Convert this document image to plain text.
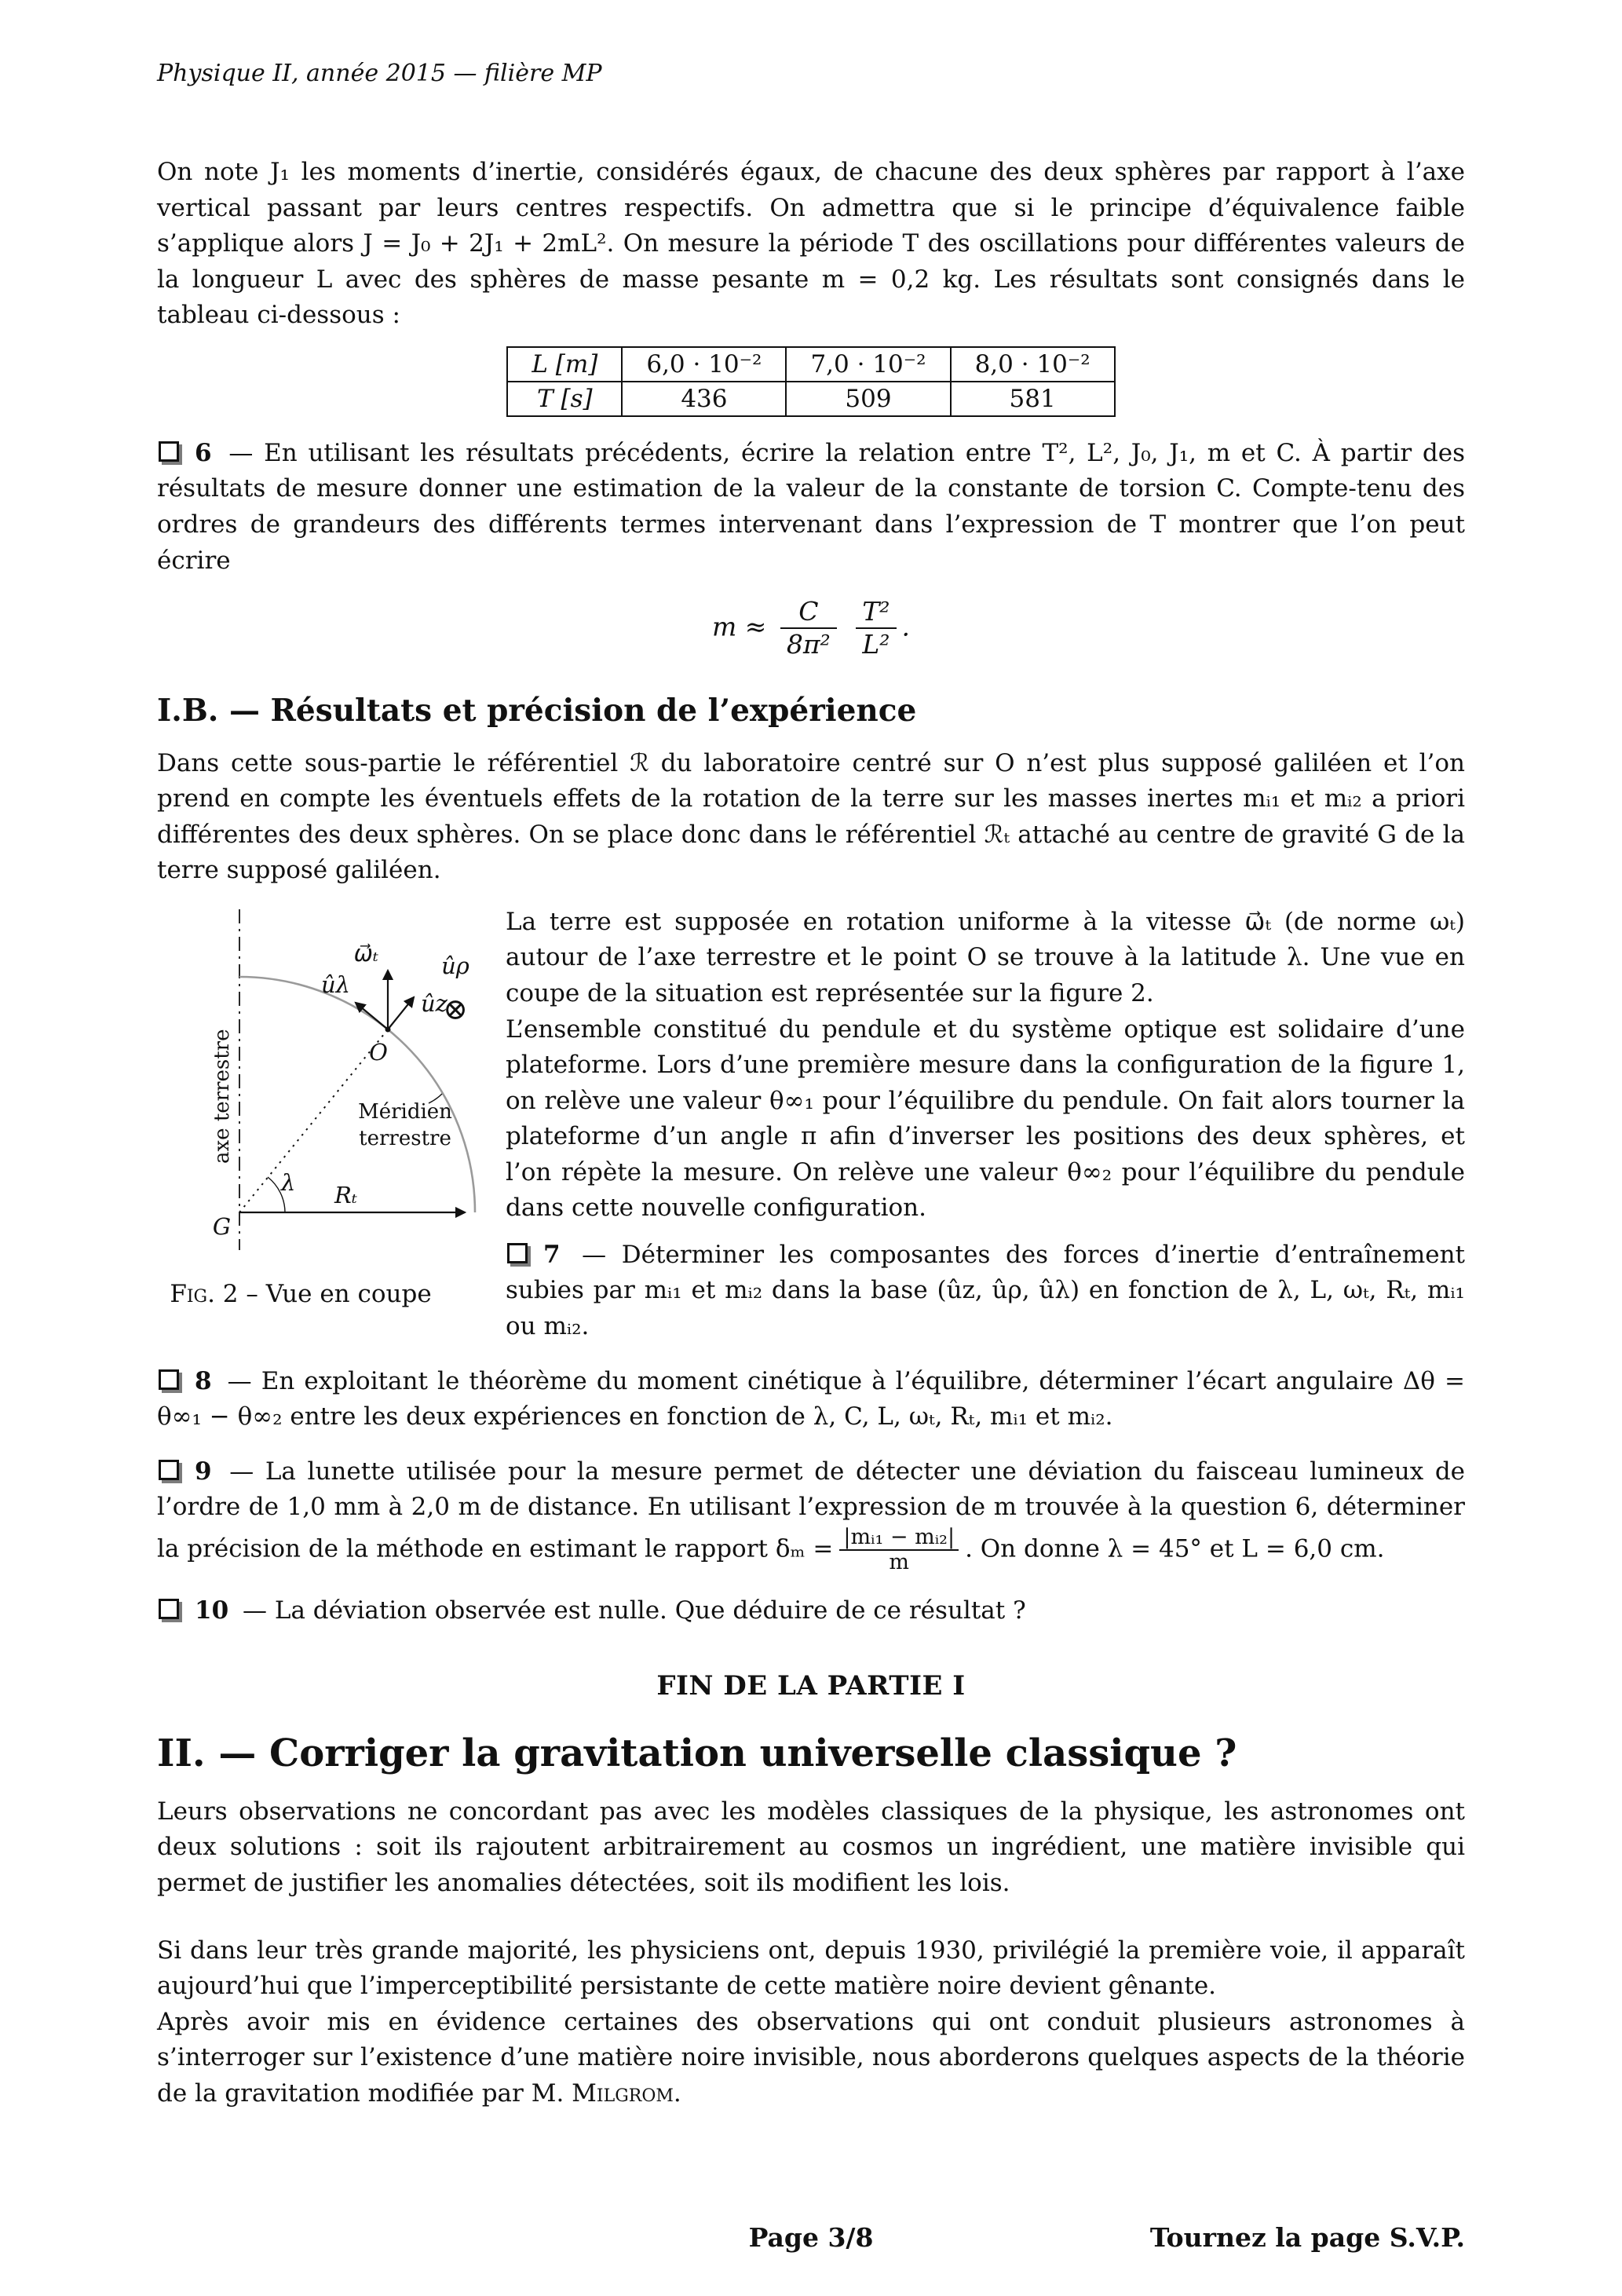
Physique II, année 2015 — filière MP

On note J₁ les moments d’inertie, considérés égaux, de chacune des deux sphères par rapport à l’axe vertical passant par leurs centres respectifs. On admettra que si le principe d’équivalence faible s’applique alors J = J₀ + 2J₁ + 2mL². On mesure la période T des oscillations pour différentes valeurs de la longueur L avec des sphères de masse pesante m = 0,2 kg. Les résultats sont consignés dans le tableau ci-dessous :

L [m]	6,0 · 10⁻²	7,0 · 10⁻²	8,0 · 10⁻²
T [s]	436	509	581

6 — En utilisant les résultats précédents, écrire la relation entre T², L², J₀, J₁, m et C. À partir des résultats de mesure donner une estimation de la valeur de la constante de torsion C. Compte-tenu des ordres de grandeurs des différents termes intervenant dans l’expression de T montrer que l’on peut écrire

$m \approx \frac{C}{\text{8π²}}$
$\frac{\text{T²}}{\text{L²}}$ .
I.B. — Résultats et précision de l’expérience

Dans cette sous-partie le référentiel ℛ du laboratoire centré sur O n’est plus supposé galiléen et l’on prend en compte les éventuels effets de la rotation de la terre sur les masses inertes mᵢ₁ et mᵢ₂ a priori différentes des deux sphères. On se place donc dans le référentiel ℛₜ attaché au centre de gravité G de la terre supposé galiléen.

ω⃗ₜ	ûρ
⊗
ûz
ûλ
O
Méridien
terrestre
λ Rₜ
G
axe terrestre
Fig. 2 – Vue en coupe

La terre est supposée en rotation uniforme à la vitesse ω⃗ₜ (de norme ωₜ) autour de l’axe terrestre et le point O se trouve à la latitude λ. Une vue en coupe de la situation est représentée sur la figure 2.

L’ensemble constitué du pendule et du système optique est solidaire d’une plateforme. Lors d’une première mesure dans la configuration de la figure 1, on relève une valeur θ∞₁ pour l’équilibre du pendule. On fait alors tourner la plateforme d’un angle π afin d’inverser les positions des deux sphères, et l’on répète la mesure. On relève une valeur θ∞₂ pour l’équilibre du pendule dans cette nouvelle configuration.

7 — Déterminer les composantes des forces d’inertie d’entraînement subies par mᵢ₁ et mᵢ₂ dans la base (ûz, ûρ, ûλ) en fonction de λ, L, ωₜ, Rₜ, mᵢ₁ ou mᵢ₂.

8 — En exploitant le théorème du moment cinétique à l’équilibre, déterminer l’écart angulaire Δθ = θ∞₁ − θ∞₂ entre les deux expériences en fonction de λ, C, L, ωₜ, Rₜ, mᵢ₁ et mᵢ₂.

9 — La lunette utilisée pour la mesure permet de détecter une déviation du faisceau lumineux de l’ordre de 1,0 mm à 2,0 m de distance. En utilisant l’expression de m trouvée à la question 6, déterminer la précision de la méthode en estimant le rapport $\delta_m = \frac{\text{|mᵢ₁ − mᵢ₂|}}{m}$ . On donne λ = 45° et L = 6,0 cm.

10 — La déviation observée est nulle. Que déduire de ce résultat ?

FIN DE LA PARTIE I
II. — Corriger la gravitation universelle classique ?

Leurs observations ne concordant pas avec les modèles classiques de la physique, les astronomes ont deux solutions : soit ils rajoutent arbitrairement au cosmos un ingrédient, une matière invisible qui permet de justifier les anomalies détectées, soit ils modifient les lois.

Si dans leur très grande majorité, les physiciens ont, depuis 1930, privilégié la première voie, il apparaît aujourd’hui que l’imperceptibilité persistante de cette matière noire devient gênante.

Après avoir mis en évidence certaines des observations qui ont conduit plusieurs astronomes à s’interroger sur l’existence d’une matière noire invisible, nous aborderons quelques aspects de la théorie de la gravitation modifiée par M. Milgrom.

Page 3/8	Tournez la page S.V.P.
